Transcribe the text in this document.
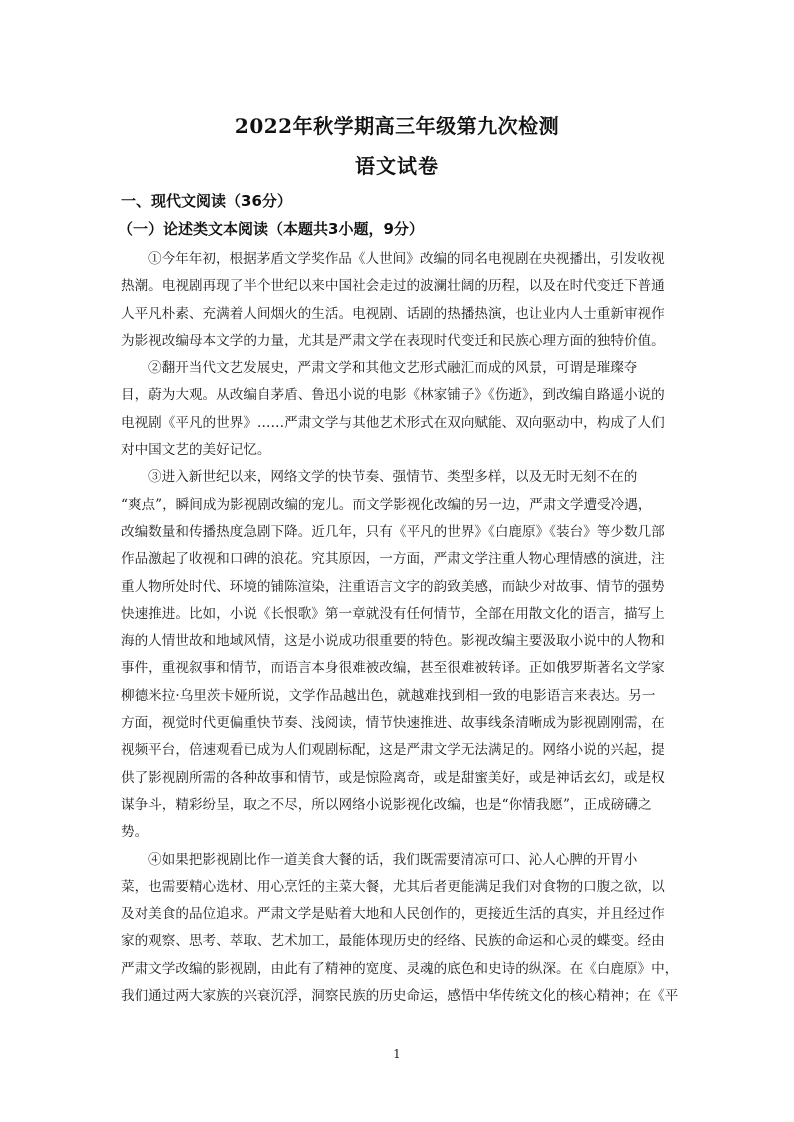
2022年秋学期高三年级第九次检测
语文试卷
一、现代文阅读（36分）
（一）论述类文本阅读（本题共3小题，9分）
①今年年初，根据茅盾文学奖作品《人世间》改编的同名电视剧在央视播出，引发收视
热潮。电视剧再现了半个世纪以来中国社会走过的波澜壮阔的历程，以及在时代变迁下普通
人平凡朴素、充满着人间烟火的生活。电视剧、话剧的热播热演，也让业内人士重新审视作
为影视改编母本文学的力量，尤其是严肃文学在表现时代变迁和民族心理方面的独特价值。
②翻开当代文艺发展史，严肃文学和其他文艺形式融汇而成的风景，可谓是璀璨夺
目，蔚为大观。从改编自茅盾、鲁迅小说的电影《林家铺子》《伤逝》，到改编自路遥小说的
电视剧《平凡的世界》……严肃文学与其他艺术形式在双向赋能、双向驱动中，构成了人们
对中国文艺的美好记忆。
③进入新世纪以来，网络文学的快节奏、强情节、类型多样，以及无时无刻不在的
“爽点”，瞬间成为影视剧改编的宠儿。而文学影视化改编的另一边，严肃文学遭受冷遇，
改编数量和传播热度急剧下降。近几年，只有《平凡的世界》《白鹿原》《装台》等少数几部
作品激起了收视和口碑的浪花。究其原因，一方面，严肃文学注重人物心理情感的演进，注
重人物所处时代、环境的铺陈渲染，注重语言文字的韵致美感，而缺少对故事、情节的强势
快速推进。比如，小说《长恨歌》第一章就没有任何情节，全部在用散文化的语言，描写上
海的人情世故和地域风情，这是小说成功很重要的特色。影视改编主要汲取小说中的人物和
事件，重视叙事和情节，而语言本身很难被改编，甚至很难被转译。正如俄罗斯著名文学家
柳德米拉·乌里茨卡娅所说，文学作品越出色，就越难找到相一致的电影语言来表达。另一
方面，视觉时代更偏重快节奏、浅阅读，情节快速推进、故事线条清晰成为影视剧刚需，在
视频平台，倍速观看已成为人们观剧标配，这是严肃文学无法满足的。网络小说的兴起，提
供了影视剧所需的各种故事和情节，或是惊险离奇，或是甜蜜美好，或是神话玄幻，或是权
谋争斗，精彩纷呈，取之不尽，所以网络小说影视化改编，也是“你情我愿”，正成磅礴之
势。
④如果把影视剧比作一道美食大餐的话，我们既需要清凉可口、沁人心脾的开胃小
菜，也需要精心选材、用心烹饪的主菜大餐，尤其后者更能满足我们对食物的口腹之欲，以
及对美食的品位追求。严肃文学是贴着大地和人民创作的，更接近生活的真实，并且经过作
家的观察、思考、萃取、艺术加工，最能体现历史的经络、民族的命运和心灵的蝶变。经由
严肃文学改编的影视剧，由此有了精神的宽度、灵魂的底色和史诗的纵深。在《白鹿原》中，
我们通过两大家族的兴衰沉浮，洞察民族的历史命运，感悟中华传统文化的核心精神；在《平
1
